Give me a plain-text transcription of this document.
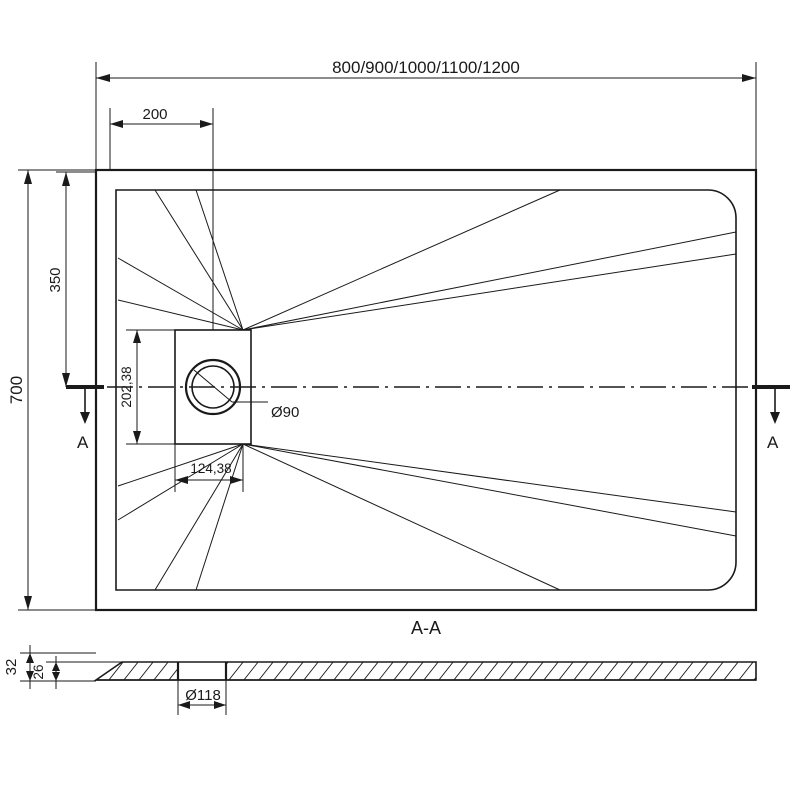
A	A
800/900/1000/1100/1200
200
700
350
202,38
124,38
Ø90
A-A
32 26
Ø118
